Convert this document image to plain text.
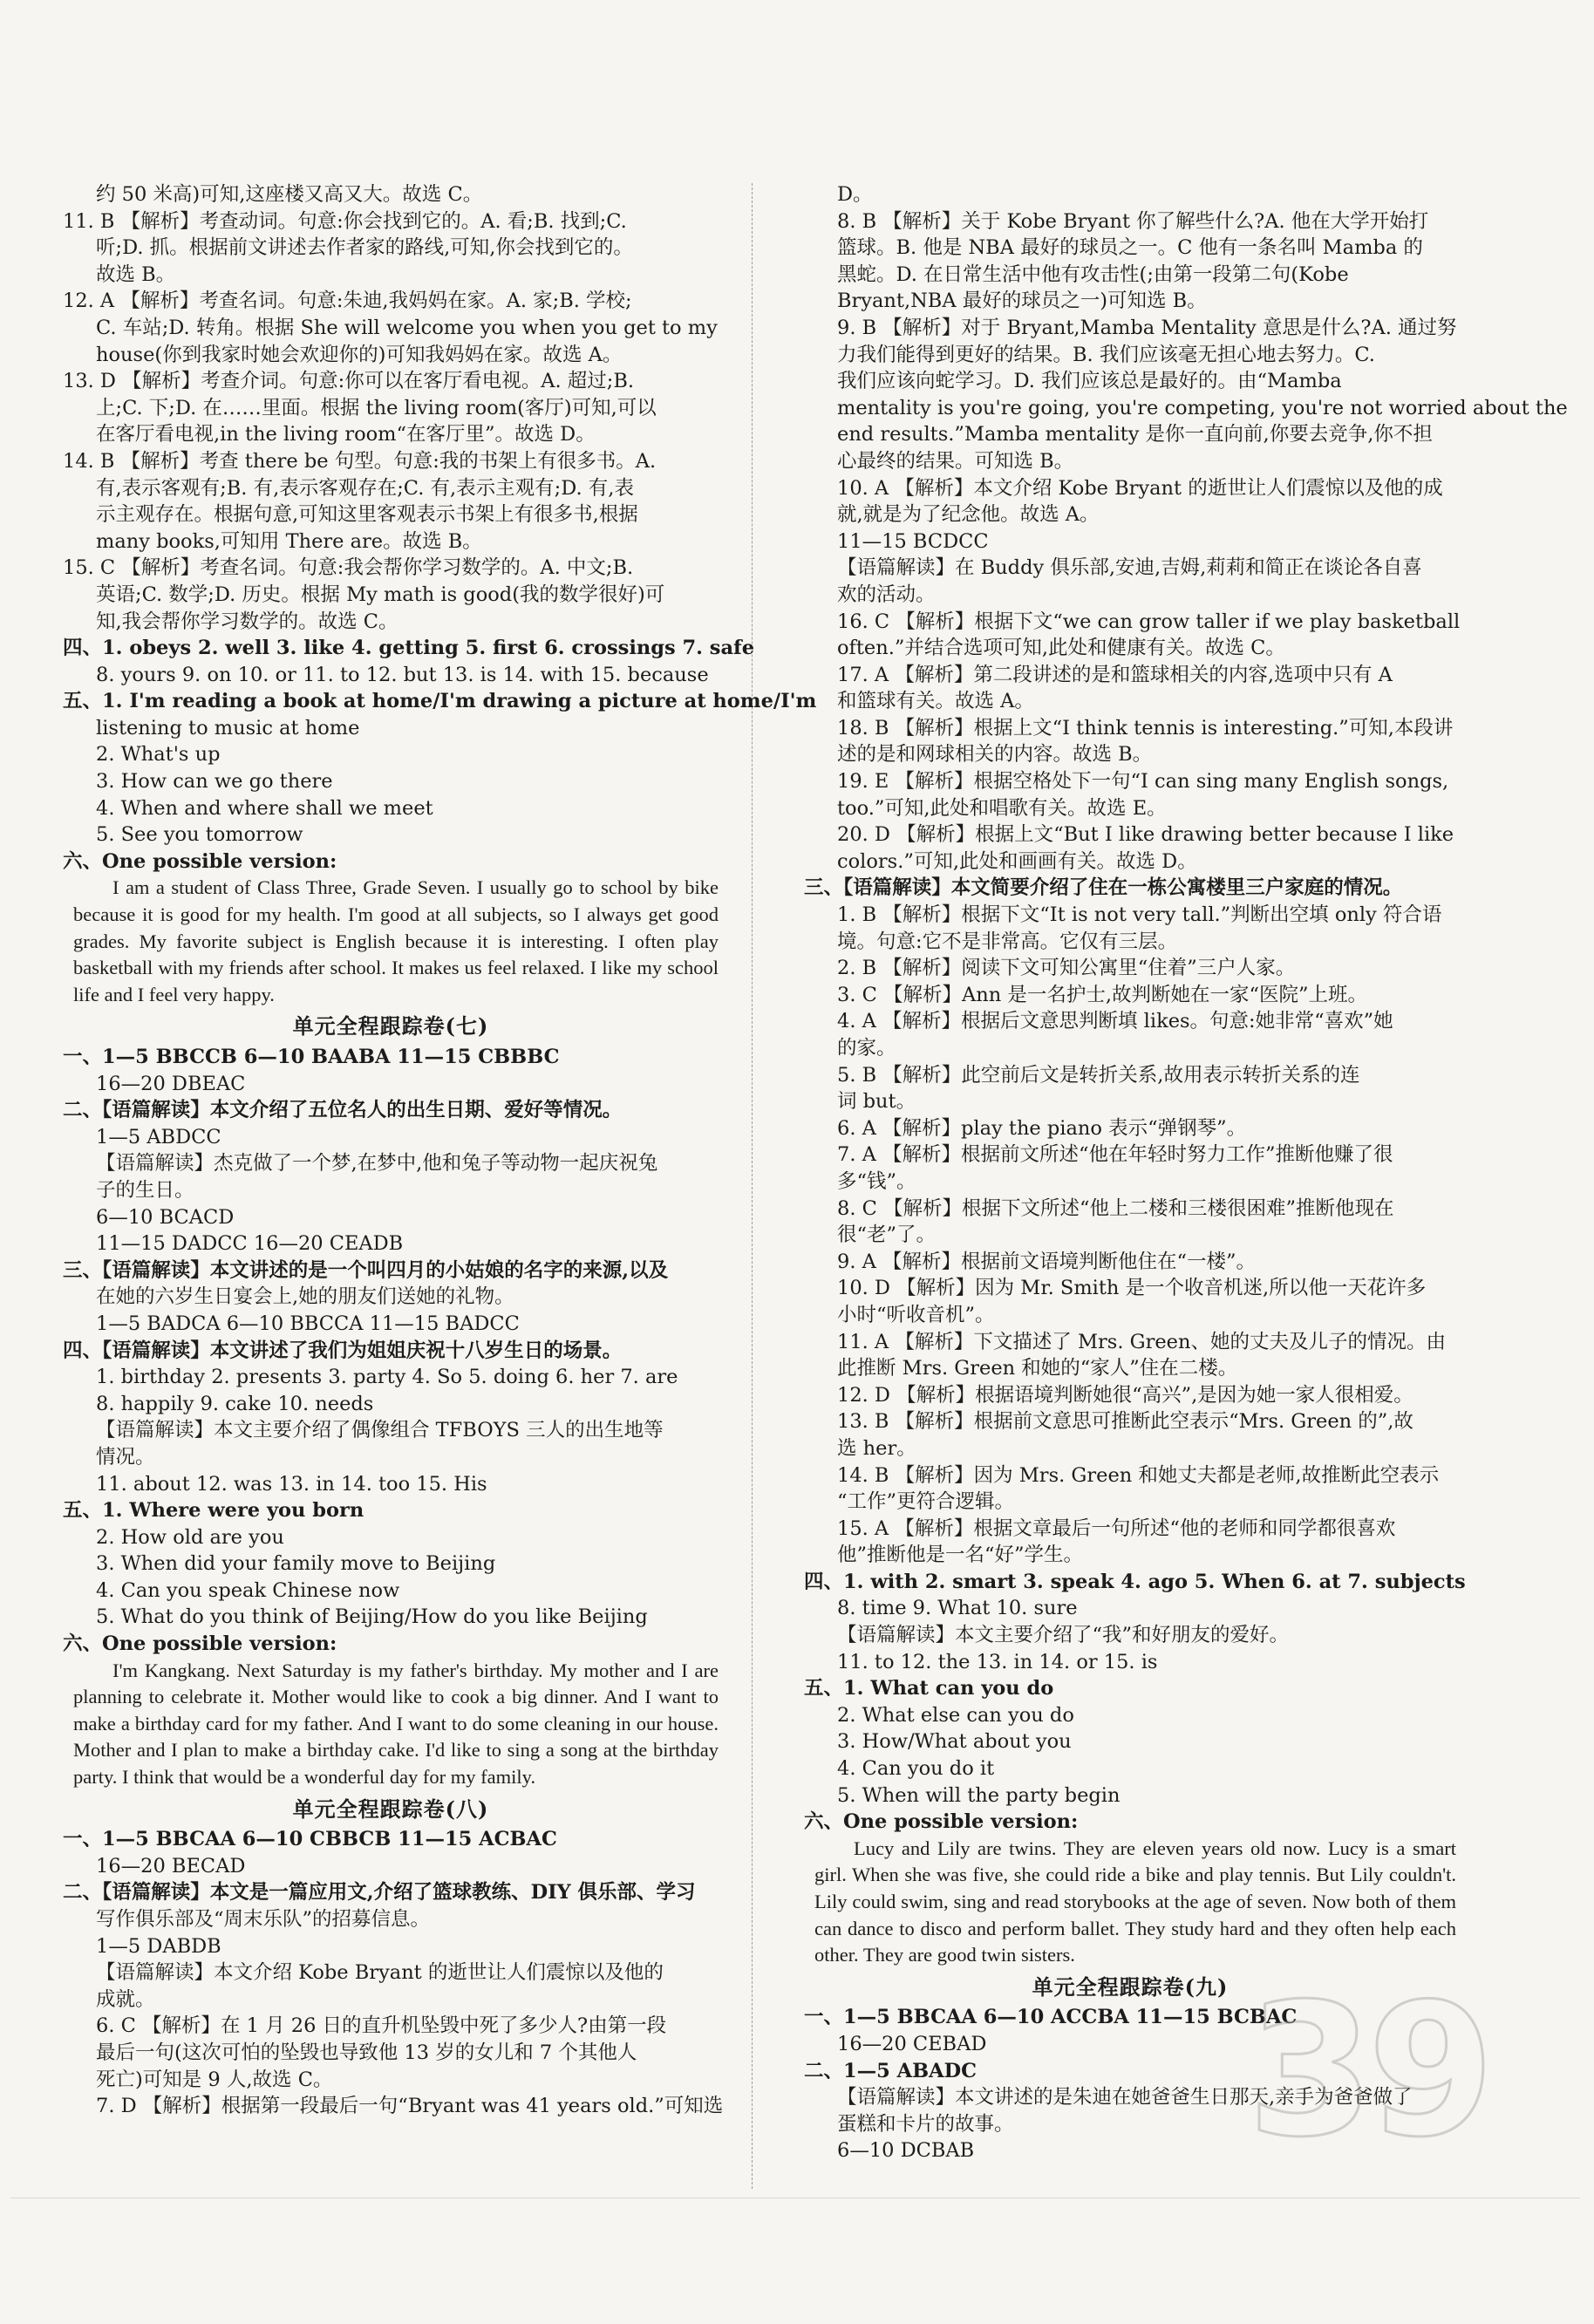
约 50 米高)可知,这座楼又高又大。故选 C。
11. B 【解析】考查动词。句意:你会找到它的。A. 看;B. 找到;C.
听;D. 抓。根据前文讲述去作者家的路线,可知,你会找到它的。
故选 B。
12. A 【解析】考查名词。句意:朱迪,我妈妈在家。A. 家;B. 学校;
C. 车站;D. 转角。根据 She will welcome you when you get to my
house(你到我家时她会欢迎你的)可知我妈妈在家。故选 A。
13. D 【解析】考查介词。句意:你可以在客厅看电视。A. 超过;B.
上;C. 下;D. 在……里面。根据 the living room(客厅)可知,可以
在客厅看电视,in the living room“在客厅里”。故选 D。
14. B 【解析】考查 there be 句型。句意:我的书架上有很多书。A.
有,表示客观有;B. 有,表示客观存在;C. 有,表示主观有;D. 有,表
示主观存在。根据句意,可知这里客观表示书架上有很多书,根据
many books,可知用 There are。故选 B。
15. C 【解析】考查名词。句意:我会帮你学习数学的。A. 中文;B.
英语;C. 数学;D. 历史。根据 My math is good(我的数学很好)可
知,我会帮你学习数学的。故选 C。
四、1. obeys 2. well 3. like 4. getting 5. first 6. crossings 7. safe
8. yours 9. on 10. or 11. to 12. but 13. is 14. with 15. because
五、1. I'm reading a book at home/I'm drawing a picture at home/I'm
listening to music at home
2. What's up
3. How can we go there
4. When and where shall we meet
5. See you tomorrow
六、One possible version:

I am a student of Class Three, Grade Seven. I usually go to school by bike because it is good for my health. I'm good at all subjects, so I always get good grades. My favorite subject is English because it is interesting. I often play basketball with my friends after school. It makes us feel relaxed. I like my school life and I feel very happy.

单元全程跟踪卷(七)
一、1—5 BBCCB 6—10 BAABA 11—15 CBBBC
16—20 DBEAC
二、【语篇解读】本文介绍了五位名人的出生日期、爱好等情况。
1—5 ABDCC
【语篇解读】杰克做了一个梦,在梦中,他和兔子等动物一起庆祝兔
子的生日。
6—10 BCACD
11—15 DADCC 16—20 CEADB
三、【语篇解读】本文讲述的是一个叫四月的小姑娘的名字的来源,以及
在她的六岁生日宴会上,她的朋友们送她的礼物。
1—5 BADCA 6—10 BBCCA 11—15 BADCC
四、【语篇解读】本文讲述了我们为姐姐庆祝十八岁生日的场景。
1. birthday 2. presents 3. party 4. So 5. doing 6. her 7. are
8. happily 9. cake 10. needs
【语篇解读】本文主要介绍了偶像组合 TFBOYS 三人的出生地等
情况。
11. about 12. was 13. in 14. too 15. His
五、1. Where were you born
2. How old are you
3. When did your family move to Beijing
4. Can you speak Chinese now
5. What do you think of Beijing/How do you like Beijing
六、One possible version:

I'm Kangkang. Next Saturday is my father's birthday. My mother and I are planning to celebrate it. Mother would like to cook a big dinner. And I want to make a birthday card for my father. And I want to do some cleaning in our house. Mother and I plan to make a birthday cake. I'd like to sing a song at the birthday party. I think that would be a wonderful day for my family.

单元全程跟踪卷(八)
一、1—5 BBCAA 6—10 CBBCB 11—15 ACBAC
16—20 BECAD
二、【语篇解读】本文是一篇应用文,介绍了篮球教练、DIY 俱乐部、学习
写作俱乐部及“周末乐队”的招募信息。
1—5 DABDB
【语篇解读】本文介绍 Kobe Bryant 的逝世让人们震惊以及他的
成就。
6. C 【解析】在 1 月 26 日的直升机坠毁中死了多少人?由第一段
最后一句(这次可怕的坠毁也导致他 13 岁的女儿和 7 个其他人
死亡)可知是 9 人,故选 C。
7. D 【解析】根据第一段最后一句“Bryant was 41 years old.”可知选
D。
8. B 【解析】关于 Kobe Bryant 你了解些什么?A. 他在大学开始打
篮球。B. 他是 NBA 最好的球员之一。C 他有一条名叫 Mamba 的
黑蛇。D. 在日常生活中他有攻击性(;由第一段第二句(Kobe
Bryant,NBA 最好的球员之一)可知选 B。
9. B 【解析】对于 Bryant,Mamba Mentality 意思是什么?A. 通过努
力我们能得到更好的结果。B. 我们应该毫无担心地去努力。C.
我们应该向蛇学习。D. 我们应该总是最好的。由“Mamba
mentality is you're going, you're competing, you're not worried about the
end results.”Mamba mentality 是你一直向前,你要去竞争,你不担
心最终的结果。可知选 B。
10. A 【解析】本文介绍 Kobe Bryant 的逝世让人们震惊以及他的成
就,就是为了纪念他。故选 A。
11—15 BCDCC
【语篇解读】在 Buddy 俱乐部,安迪,吉姆,莉莉和简正在谈论各自喜
欢的活动。
16. C 【解析】根据下文“we can grow taller if we play basketball
often.”并结合选项可知,此处和健康有关。故选 C。
17. A 【解析】第二段讲述的是和篮球相关的内容,选项中只有 A
和篮球有关。故选 A。
18. B 【解析】根据上文“I think tennis is interesting.”可知,本段讲
述的是和网球相关的内容。故选 B。
19. E 【解析】根据空格处下一句“I can sing many English songs,
too.”可知,此处和唱歌有关。故选 E。
20. D 【解析】根据上文“But I like drawing better because I like
colors.”可知,此处和画画有关。故选 D。
三、【语篇解读】本文简要介绍了住在一栋公寓楼里三户家庭的情况。
1. B 【解析】根据下文“It is not very tall.”判断出空填 only 符合语
境。句意:它不是非常高。它仅有三层。
2. B 【解析】阅读下文可知公寓里“住着”三户人家。
3. C 【解析】Ann 是一名护士,故判断她在一家“医院”上班。
4. A 【解析】根据后文意思判断填 likes。句意:她非常“喜欢”她
的家。
5. B 【解析】此空前后文是转折关系,故用表示转折关系的连
词 but。
6. A 【解析】play the piano 表示“弹钢琴”。
7. A 【解析】根据前文所述“他在年轻时努力工作”推断他赚了很
多“钱”。
8. C 【解析】根据下文所述“他上二楼和三楼很困难”推断他现在
很“老”了。
9. A 【解析】根据前文语境判断他住在“一楼”。
10. D 【解析】因为 Mr. Smith 是一个收音机迷,所以他一天花许多
小时“听收音机”。
11. A 【解析】下文描述了 Mrs. Green、她的丈夫及儿子的情况。由
此推断 Mrs. Green 和她的“家人”住在二楼。
12. D 【解析】根据语境判断她很“高兴”,是因为她一家人很相爱。
13. B 【解析】根据前文意思可推断此空表示“Mrs. Green 的”,故
选 her。
14. B 【解析】因为 Mrs. Green 和她丈夫都是老师,故推断此空表示
“工作”更符合逻辑。
15. A 【解析】根据文章最后一句所述“他的老师和同学都很喜欢
他”推断他是一名“好”学生。
四、1. with 2. smart 3. speak 4. ago 5. When 6. at 7. subjects
8. time 9. What 10. sure
【语篇解读】本文主要介绍了“我”和好朋友的爱好。
11. to 12. the 13. in 14. or 15. is
五、1. What can you do
2. What else can you do
3. How/What about you
4. Can you do it
5. When will the party begin
六、One possible version:

Lucy and Lily are twins. They are eleven years old now. Lucy is a smart girl. When she was five, she could ride a bike and play tennis. But Lily couldn't. Lily could swim, sing and read storybooks at the age of seven. Now both of them can dance to disco and perform ballet. They study hard and they often help each other. They are good twin sisters.

单元全程跟踪卷(九)
一、1—5 BBCAA 6—10 ACCBA 11—15 BCBAC
16—20 CEBAD
二、1—5 ABADC
【语篇解读】本文讲述的是朱迪在她爸爸生日那天,亲手为爸爸做了
蛋糕和卡片的故事。
6—10 DCBAB	39
